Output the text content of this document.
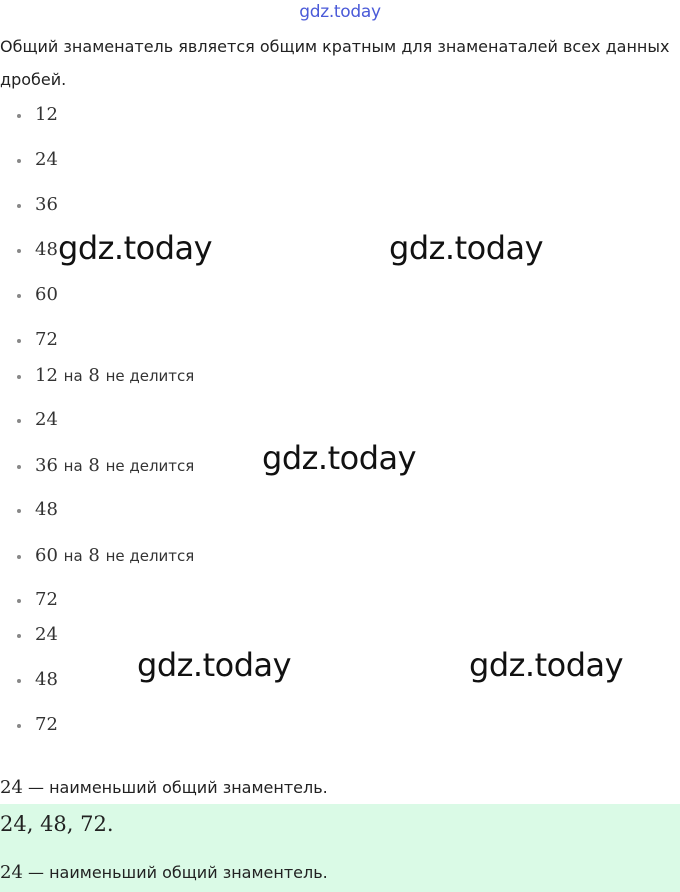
gdz.today
Общий знаменатель является общим кратным для знаменаталей всех данных дробей.
12
24
36
48
60
72
12 на 8 не делится
24
36 на 8 не делится
48
60 на 8 не делится
72
24
48
72
gdz.today	gdz.today
gdz.today
gdz.today	gdz.today
24 — наименьший общий знаментель.
24, 48, 72.
24 — наименьший общий знаментель.
